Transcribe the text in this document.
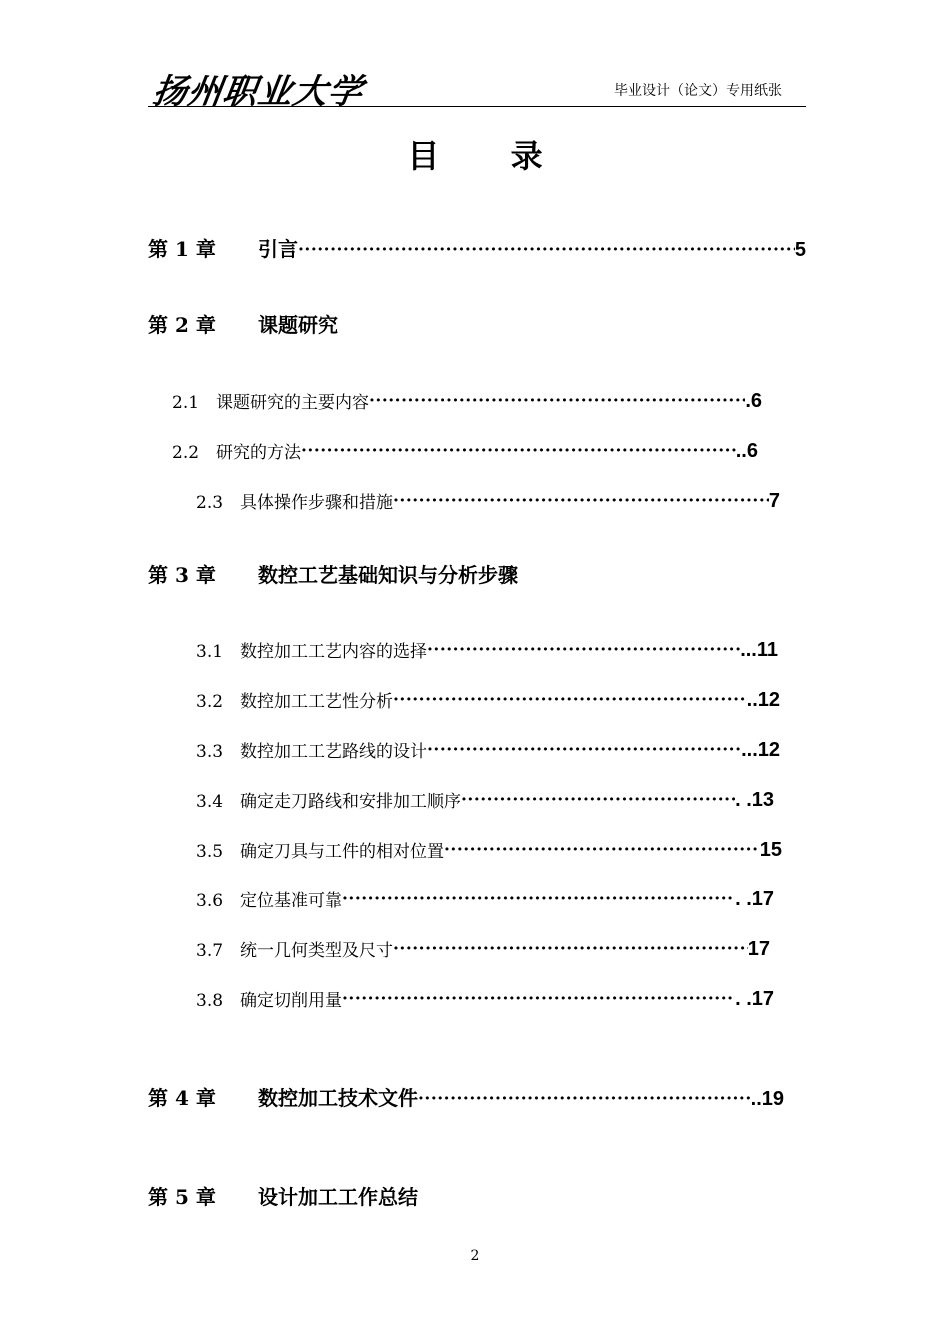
扬州职业大学	毕业设计（论文）专用纸张
目 录
第 1 章	引言 ·····	5
第 2 章	课题研究
2.1 课题研究的主要内容 ·····	.6
2.2 研究的方法 ·····	..6
2.3 具体操作步骤和措施 ·····	7
第 3 章	数控工艺基础知识与分析步骤
3.1 数控加工工艺内容的选择 ·····	...11
3.2 数控加工工艺性分析 ·····	..12
3.3 数控加工工艺路线的设计 ·····	...12
3.4 确定走刀路线和安排加工顺序 ·····	. .13
3.5 确定刀具与工件的相对位置 ·····	15
3.6 定位基准可靠 ·····	. .17
3.7 统一几何类型及尺寸 ·····	17
3.8 确定切削用量 ·····	. .17
第 4 章	数控加工技术文件 ·····	..19
第 5 章	设计加工工作总结
2
